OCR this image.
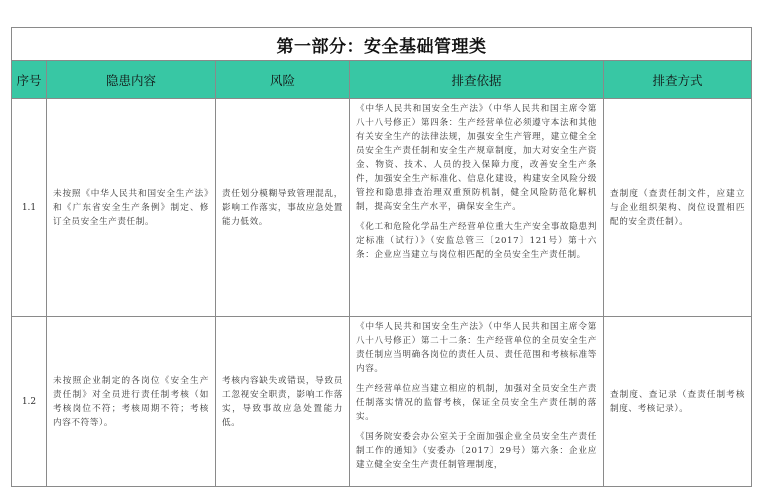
第一部分：安全基础管理类				
序号	隐患内容	风险	排查依据	排查方式
1.1	未按照《中华人民共和国安全生产法》和《广东省安全生产条例》制定、修订全员安全生产责任制。	责任划分模糊导致管理混乱，影响工作落实，事故应急处置能力低效。	《中华人民共和国安全生产法》（中华人民共和国主席令第八十八号修正）第四条：生产经营单位必须遵守本法和其他有关安全生产的法律法规，加强安全生产管理，建立健全全员安全生产责任制和安全生产规章制度，加大对安全生产资金、物资、技术、人员的投入保障力度，改善安全生产条件，加强安全生产标准化、信息化建设，构建安全风险分级管控和隐患排查治理双重预防机制，健全风险防范化解机制，提高安全生产水平，确保安全生产。

《化工和危险化学品生产经营单位重大生产安全事故隐患判定标准（试行）》（安监总管三〔2017〕121号）第十六条：企业应当建立与岗位相匹配的全员安全生产责任制。	查制度（查责任制文件，应建立与企业组织架构、岗位设置相匹配的安全责任制）。
1.2	未按照企业制定的各岗位《安全生产责任制》对全员进行责任制考核（如考核岗位不符；考核周期不符；考核内容不符等）。	考核内容缺失或错误，导致员工忽视安全职责，影响工作落实，导致事故应急处置能力低。	《中华人民共和国安全生产法》（中华人民共和国主席令第八十八号修正）第二十二条：生产经营单位的全员安全生产责任制应当明确各岗位的责任人员、责任范围和考核标准等内容。

生产经营单位应当建立相应的机制，加强对全员安全生产责任制落实情况的监督考核，保证全员安全生产责任制的落实。

《国务院安委会办公室关于全面加强企业全员安全生产责任制工作的通知》（安委办〔2017〕29号）第六条：企业应建立健全安全生产责任制管理制度，	查制度、查记录（查责任制考核制度、考核记录）。
